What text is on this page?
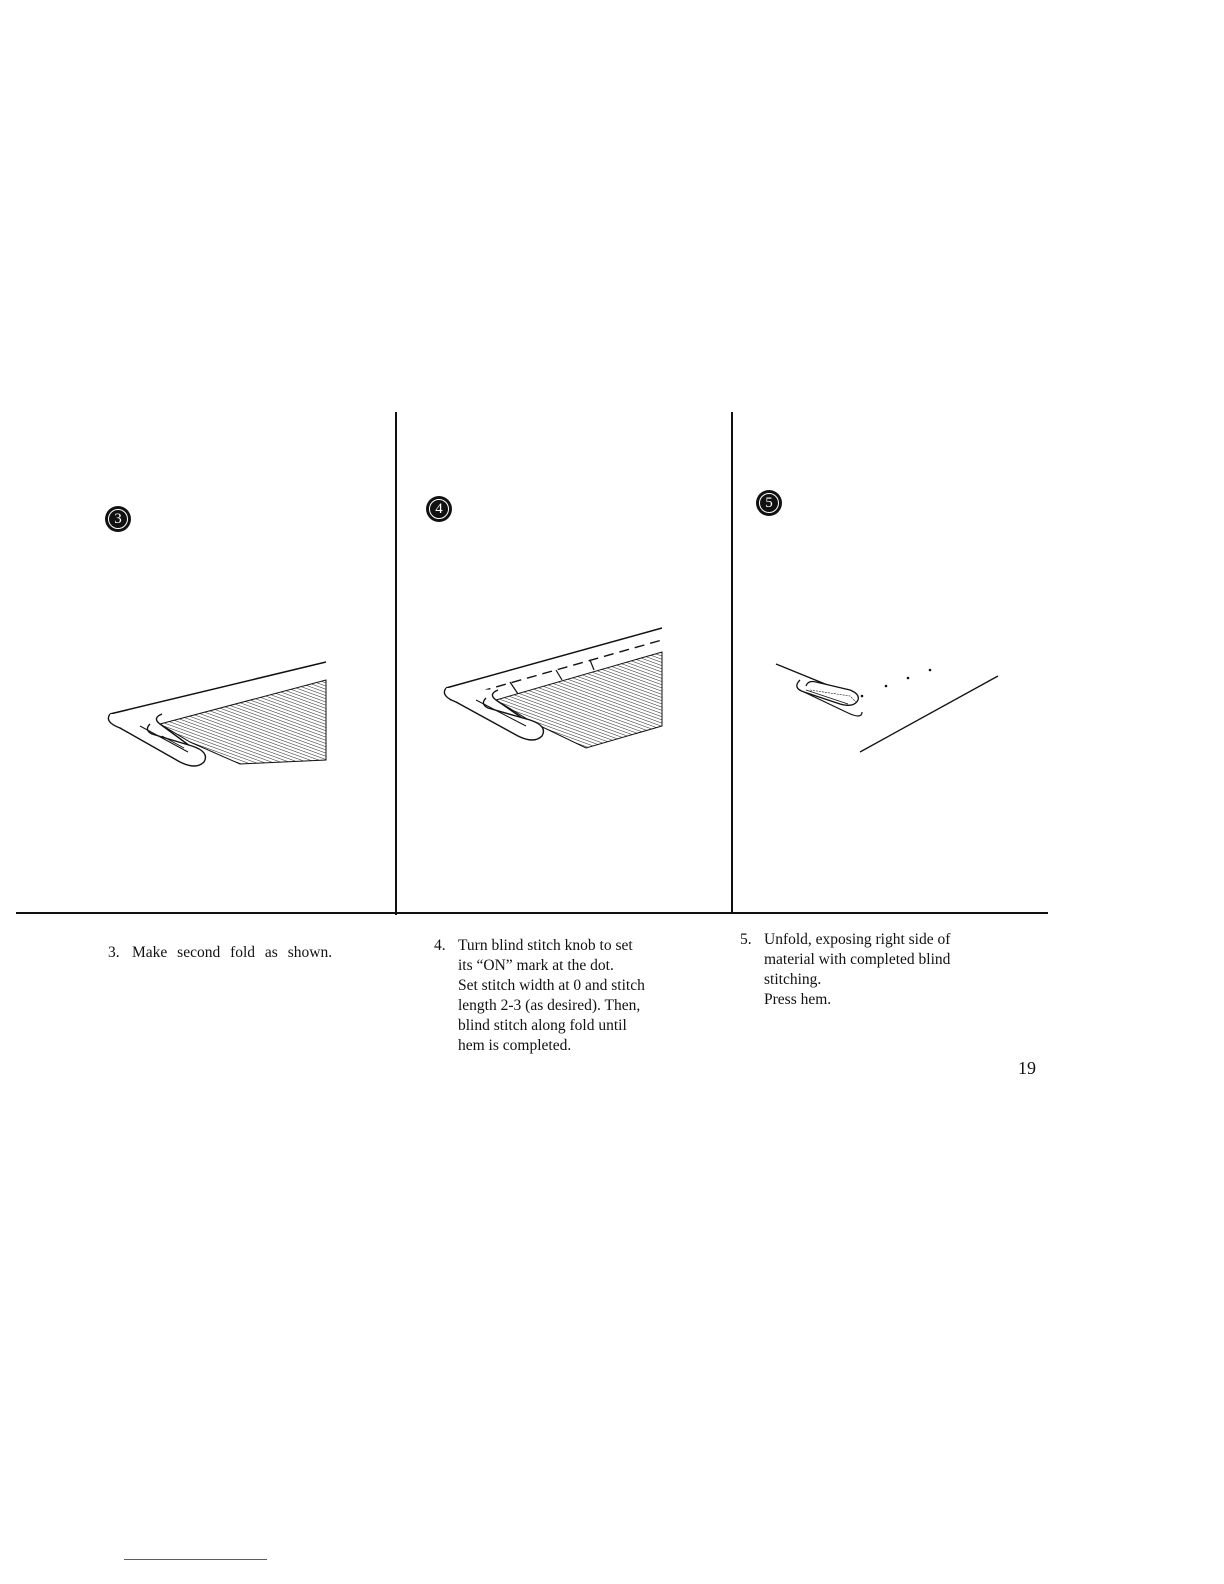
3
4	5
3. Make second fold as shown.	4. Turn blind stitch knob to set

its “ON” mark at the dot.

Set stitch width at 0 and stitch

length 2-3 (as desired). Then,

blind stitch along fold until

hem is completed.

5. Unfold, exposing right side of

material with completed blind

stitching.

Press hem.

19
